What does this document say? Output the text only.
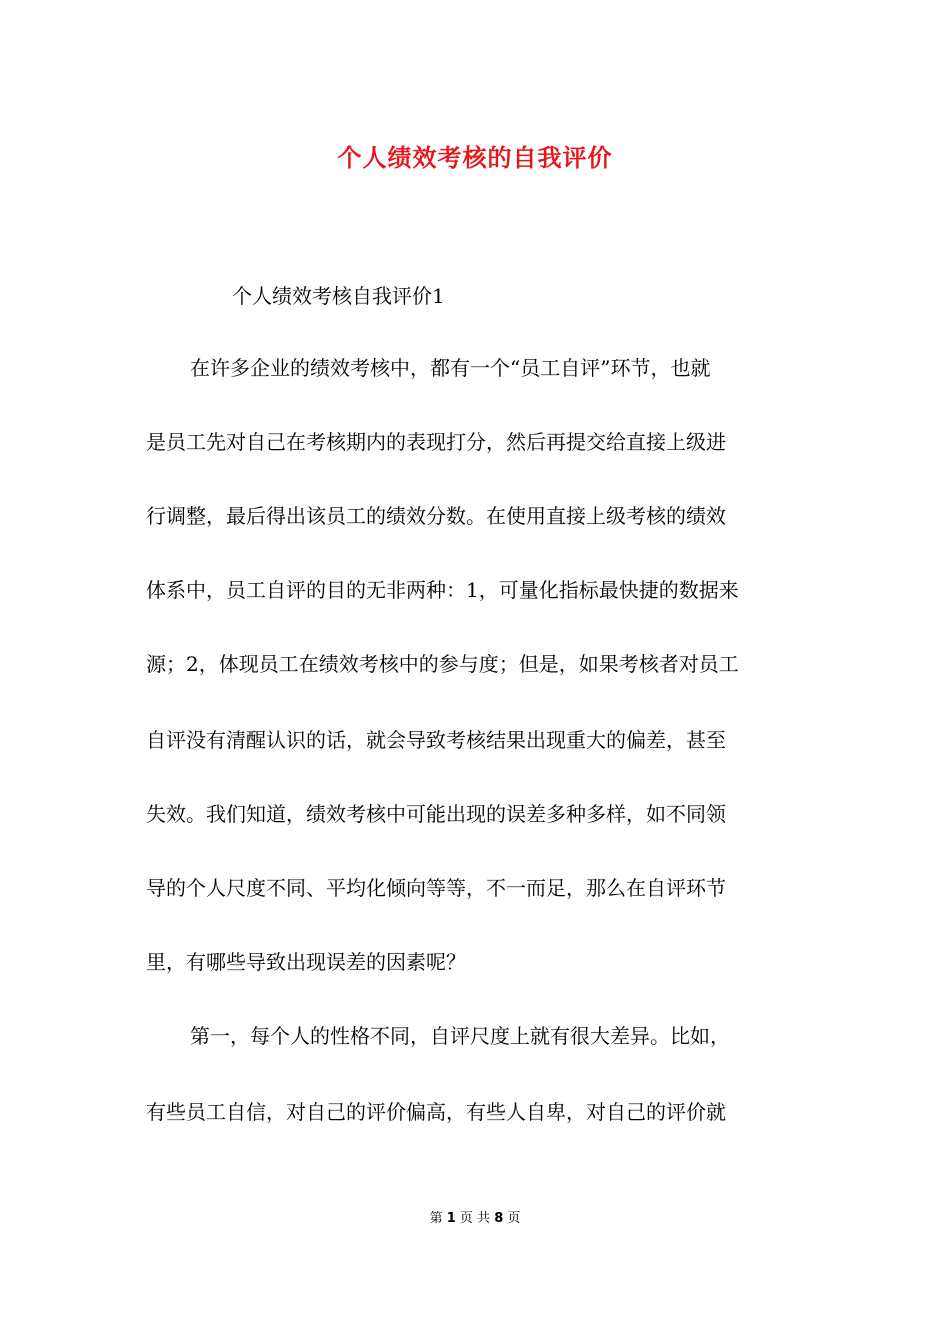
个人绩效考核的自我评价

个人绩效考核自我评价1

在许多企业的绩效考核中，都有一个“员工自评”环节，也就

是员工先对自己在考核期内的表现打分，然后再提交给直接上级进

行调整，最后得出该员工的绩效分数。在使用直接上级考核的绩效

体系中，员工自评的目的无非两种：1，可量化指标最快捷的数据来

源；2，体现员工在绩效考核中的参与度；但是，如果考核者对员工

自评没有清醒认识的话，就会导致考核结果出现重大的偏差，甚至

失效。我们知道，绩效考核中可能出现的误差多种多样，如不同领

导的个人尺度不同、平均化倾向等等，不一而足，那么在自评环节

里，有哪些导致出现误差的因素呢？

第一，每个人的性格不同，自评尺度上就有很大差异。比如，

有些员工自信，对自己的评价偏高，有些人自卑，对自己的评价就

第 1 页 共 8 页
